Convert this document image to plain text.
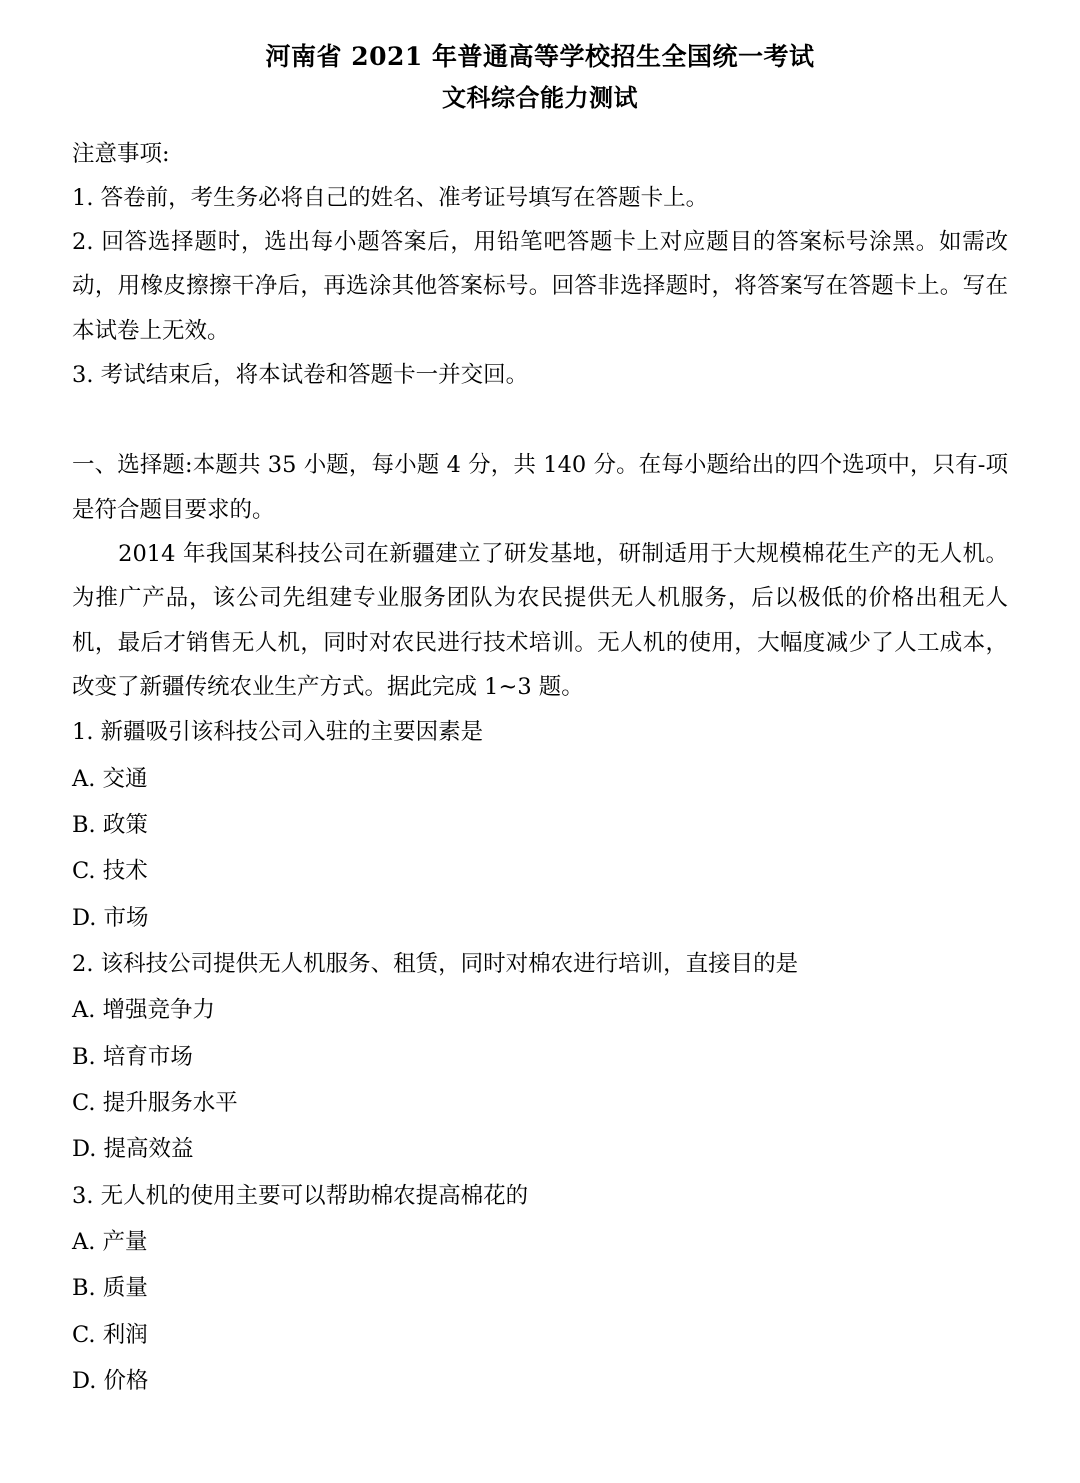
河南省 2021 年普通高等学校招生全国统一考试
文科综合能力测试

注意事项:

1. 答卷前，考生务必将自己的姓名、准考证号填写在答题卡上。

2. 回答选择题时，选出每小题答案后，用铅笔吧答题卡上对应题目的答案标号涂黑。如需改动，用橡皮擦擦干净后，再选涂其他答案标号。回答非选择题时，将答案写在答题卡上。写在本试卷上无效。

3. 考试结束后，将本试卷和答题卡一并交回。

一、选择题:本题共 35 小题，每小题 4 分，共 140 分。在每小题给出的四个选项中，只有-项是符合题目要求的。

2014 年我国某科技公司在新疆建立了研发基地，研制适用于大规模棉花生产的无人机。为推广产品，该公司先组建专业服务团队为农民提供无人机服务，后以极低的价格出租无人机，最后才销售无人机，同时对农民进行技术培训。无人机的使用，大幅度减少了人工成本，改变了新疆传统农业生产方式。据此完成 1~3 题。

1. 新疆吸引该科技公司入驻的主要因素是

A. 交通

B. 政策

C. 技术

D. 市场

2. 该科技公司提供无人机服务、租赁，同时对棉农进行培训，直接目的是

A. 增强竞争力

B. 培育市场

C. 提升服务水平

D. 提高效益

3. 无人机的使用主要可以帮助棉农提高棉花的

A. 产量

B. 质量

C. 利润

D. 价格
